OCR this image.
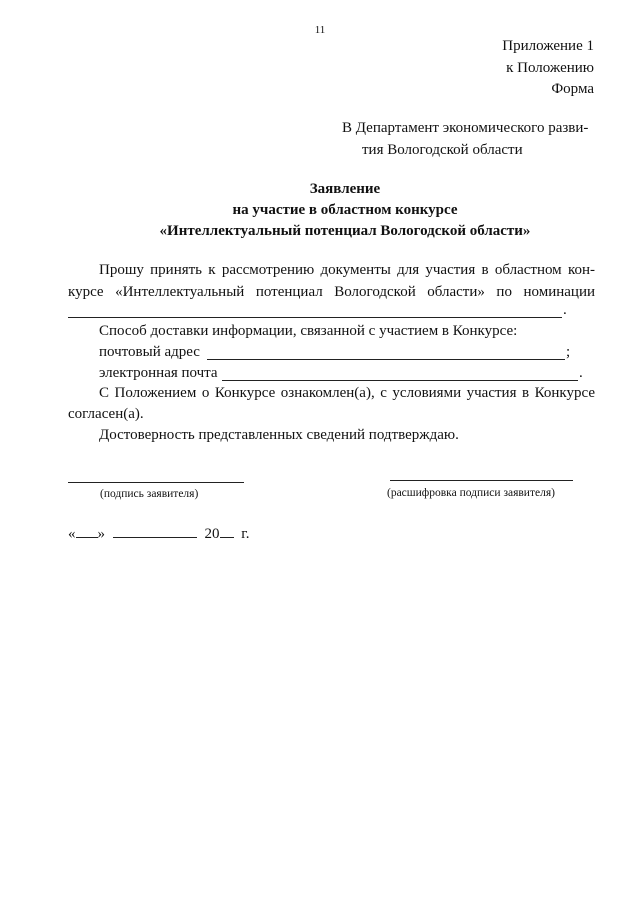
11
Приложение 1
к Положению
Форма
В Департамент экономического разви-
тия Вологодской области
Заявление
на участие в областном конкурсе
«Интеллектуальный потенциал Вологодской области»
Прошу принять к рассмотрению документы для участия в областном кон-
курсе «Интеллектуальный потенциал Вологодской области» по номинации
.
Способ доставки информации, связанной с участием в Конкурсе:
почтовый адрес	;
электронная почта	.
С Положением о Конкурсе ознакомлен(а), с условиями участия в Конкурсе
согласен(а).
Достоверность представленных сведений подтверждаю.
(подпись заявителя)	(расшифровка подписи заявителя)
« »	20 г.
